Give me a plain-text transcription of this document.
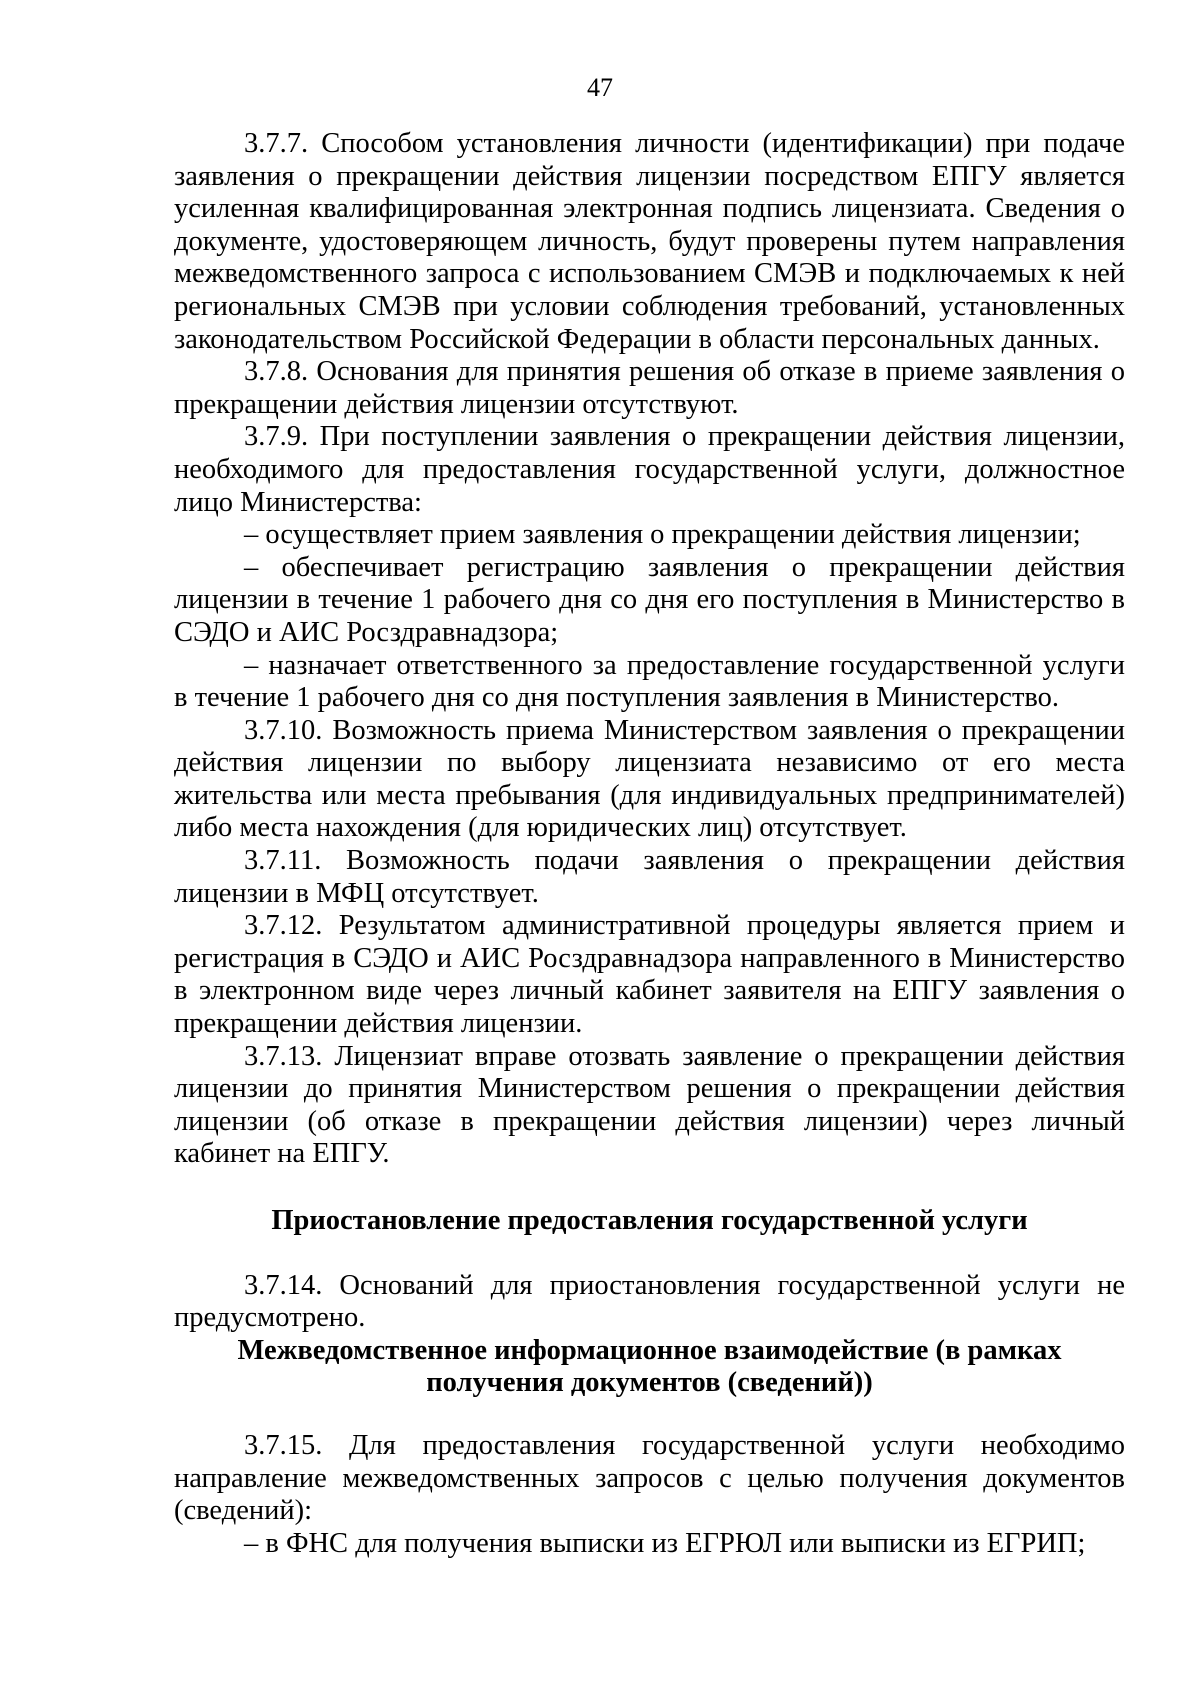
47

3.7.7. Способом установления личности (идентификации) при подаче заявления о прекращении действия лицензии посредством ЕПГУ является усиленная квалифицированная электронная подпись лицензиата. Сведения о документе, удостоверяющем личность, будут проверены путем направления межведомственного запроса с использованием СМЭВ и подключаемых к ней региональных СМЭВ при условии соблюдения требований, установленных законодательством Российской Федерации в области персональных данных.

3.7.8. Основания для принятия решения об отказе в приеме заявления о прекращении действия лицензии отсутствуют.

3.7.9. При поступлении заявления о прекращении действия лицензии, необходимого для предоставления государственной услуги, должностное лицо Министерства:

– осуществляет прием заявления о прекращении действия лицензии;

– обеспечивает регистрацию заявления о прекращении действия лицензии в течение 1 рабочего дня со дня его поступления в Министерство в СЭДО и АИС Росздравнадзора;

– назначает ответственного за предоставление государственной услуги в течение 1 рабочего дня со дня поступления заявления в Министерство.

3.7.10. Возможность приема Министерством заявления о прекращении действия лицензии по выбору лицензиата независимо от его места жительства или места пребывания (для индивидуальных предпринимателей) либо места нахождения (для юридических лиц) отсутствует.

3.7.11. Возможность подачи заявления о прекращении действия лицензии в МФЦ отсутствует.

3.7.12. Результатом административной процедуры является прием и регистрация в СЭДО и АИС Росздравнадзора направленного в Министерство в электронном виде через личный кабинет заявителя на ЕПГУ заявления о прекращении действия лицензии.

3.7.13. Лицензиат вправе отозвать заявление о прекращении действия лицензии до принятия Министерством решения о прекращении действия лицензии (об отказе в прекращении действия лицензии) через личный кабинет на ЕПГУ.

Приостановление предоставления государственной услуги

3.7.14. Оснований для приостановления государственной услуги не предусмотрено.

Межведомственное информационное взаимодействие (в рамках получения документов (сведений))

3.7.15. Для предоставления государственной услуги необходимо направление межведомственных запросов с целью получения документов (сведений):

– в ФНС для получения выписки из ЕГРЮЛ или выписки из ЕГРИП;
